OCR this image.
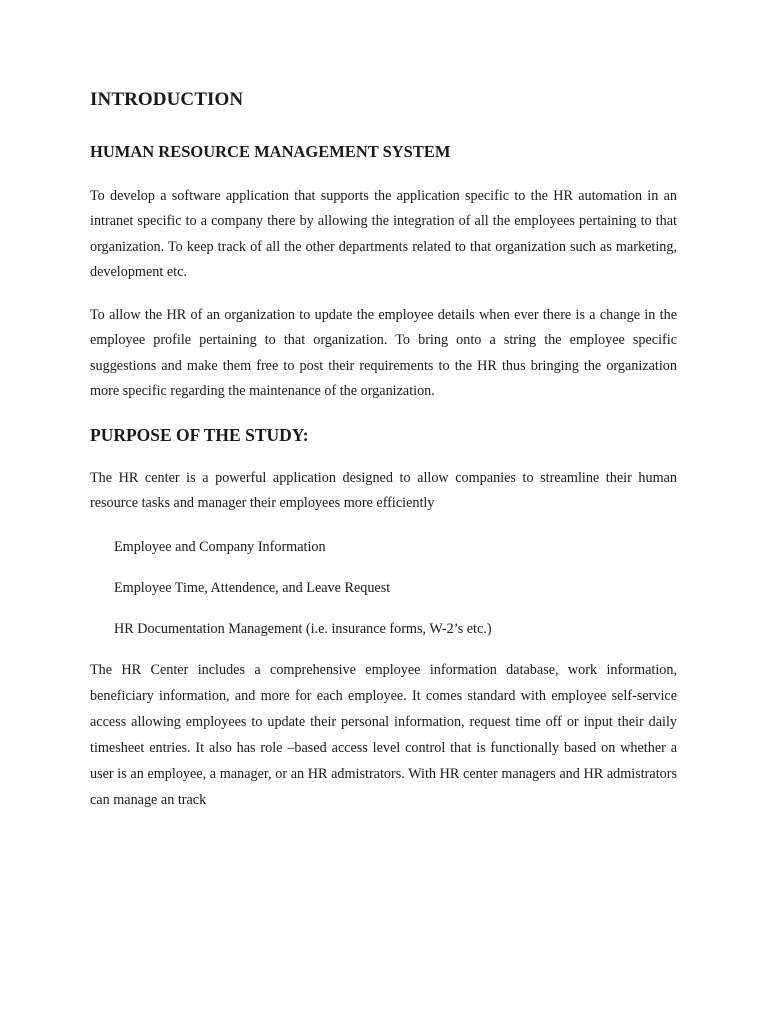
INTRODUCTION
HUMAN RESOURCE MANAGEMENT SYSTEM

To develop a software application that supports the application specific to the HR automation in an intranet specific to a company there by allowing the integration of all the employees pertaining to that organization. To keep track of all the other departments related to that organization such as marketing, development etc.

To allow the HR of an organization to update the employee details when ever there is a change in the employee profile pertaining to that organization. To bring onto a string the employee specific suggestions and make them free to post their requirements to the HR thus bringing the organization more specific regarding the maintenance of the organization.

PURPOSE OF THE STUDY:

The HR center is a powerful application designed to allow companies to streamline their human resource tasks and manager their employees more efficiently

Employee and Company Information

Employee Time, Attendence, and Leave Request

HR Documentation Management (i.e. insurance forms, W-2’s etc.)

The HR Center includes a comprehensive employee information database, work information, beneficiary information, and more for each employee. It comes standard with employee self-service access allowing employees to update their personal information, request time off or input their daily timesheet entries. It also has role –based access level control that is functionally based on whether a user is an employee, a manager, or an HR admistrators. With HR center managers and HR admistrators can manage an track
